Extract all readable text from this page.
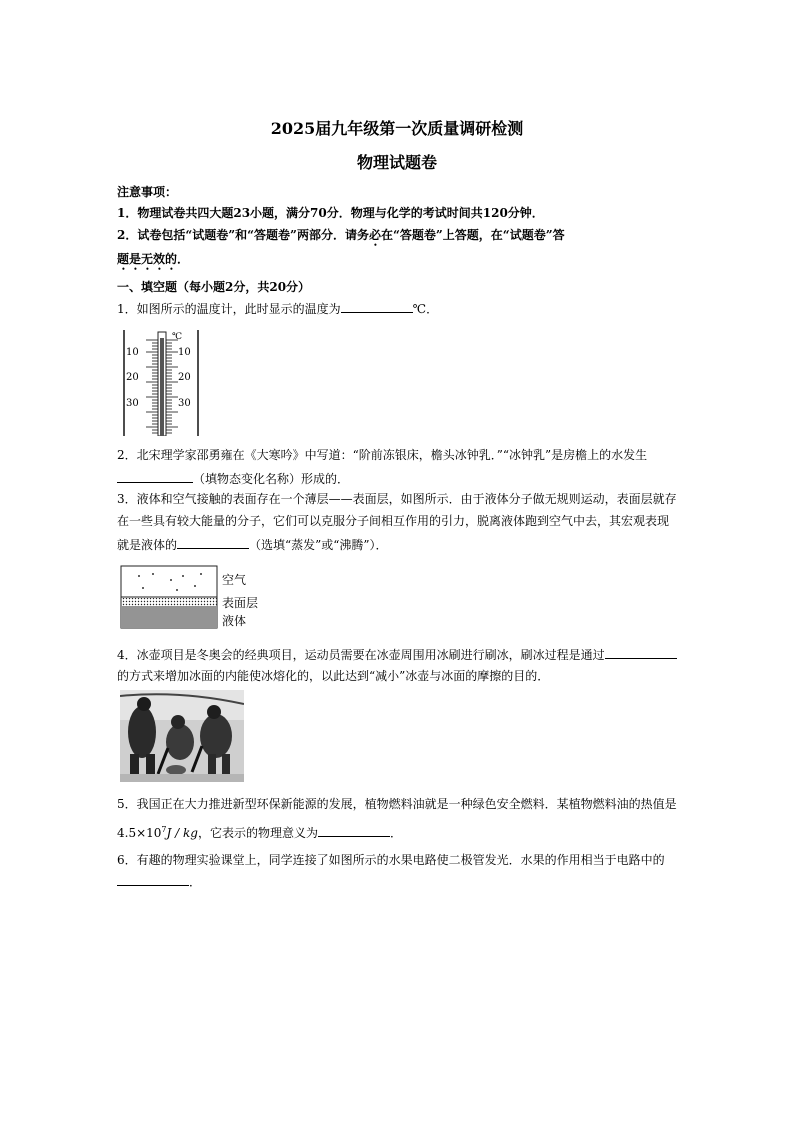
2025届九年级第一次质量调研检测
物理试题卷
注意事项：
1．物理试卷共四大题23小题，满分70分．物理与化学的考试时间共120分钟．
2．试卷包括“试题卷”和“答题卷”两部分．请务必在“答题卷”上答题，在“试题卷”答
题是无效的．
一、填空题（每小题2分，共20分）
1．如图所示的温度计，此时显示的温度为	℃．
℃
10
20
30
10
20
30
2．北宋理学家邵勇雍在《大寒吟》中写道：“阶前冻银床，檐头冰钟乳．”“冰钟乳”是房檐上的水发生
（填物态变化名称）形成的．
3．液体和空气接触的表面存在一个薄层——表面层，如图所示．由于液体分子做无规则运动，表面层就存
在一些具有较大能量的分子，它们可以克服分子间相互作用的引力，脱离液体跑到空气中去，其宏观表现
就是液体的	（选填“蒸发”或“沸腾”）．
空气
表面层
液体
4．冰壶项目是冬奥会的经典项目，运动员需要在冰壶周围用冰刷进行刷冰，刷冰过程是通过
的方式来增加冰面的内能使冰熔化的，以此达到“减小”冰壶与冰面的摩擦的目的．
5．我国正在大力推进新型环保新能源的发展，植物燃料油就是一种绿色安全燃料．某植物燃料油的热值是
$4.5\times 10^7J$ / kg，它表示的物理意义为	．
6．有趣的物理实验课堂上，同学连接了如图所示的水果电路使二极管发光．水果的作用相当于电路中的
．
